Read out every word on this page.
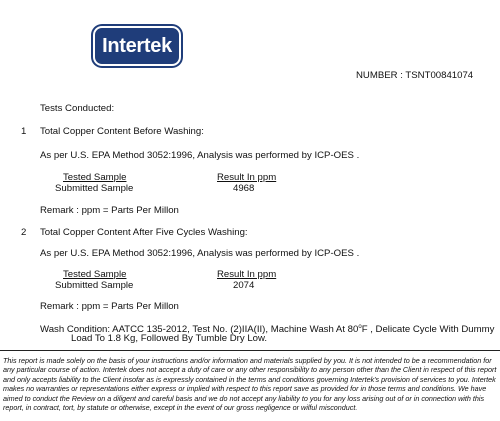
Intertek
NUMBER : TSNT00841074
Tests Conducted:
1 Total Copper Content Before Washing:
As per U.S. EPA Method 3052:1996, Analysis was performed by ICP-OES .
Tested Sample	Result In ppm
Submitted Sample	4968
Remark : ppm = Parts Per Millon
2 Total Copper Content After Five Cycles Washing:
As per U.S. EPA Method 3052:1996, Analysis was performed by ICP-OES .
Tested Sample	Result In ppm
Submitted Sample	2074
Remark : ppm = Parts Per Millon
Wash Condition: AATCC 135-2012, Test No. (2)IIA(II), Machine Wash At 80$^o$F , Delicate Cycle With Dummy
Load To 1.8 Kg, Followed By Tumble Dry Low.
This report is made solely on the basis of your instructions and/or information and materials supplied by you. It is not intended to be a recommendation for any particular course of action. Intertek does not accept a duty of care or any other responsibility to any person other than the Client in respect of this report and only accepts liability to the Client insofar as is expressly contained in the terms and conditions governing Intertek's provision of services to you. Intertek makes no warranties or representations either express or implied with respect to this report save as provided for in those terms and conditions. We have aimed to conduct the Review on a diligent and careful basis and we do not accept any liability to you for any loss arising out of or in connection with this report, in contract, tort, by statute or otherwise, except in the event of our gross negligence or wilful misconduct.
